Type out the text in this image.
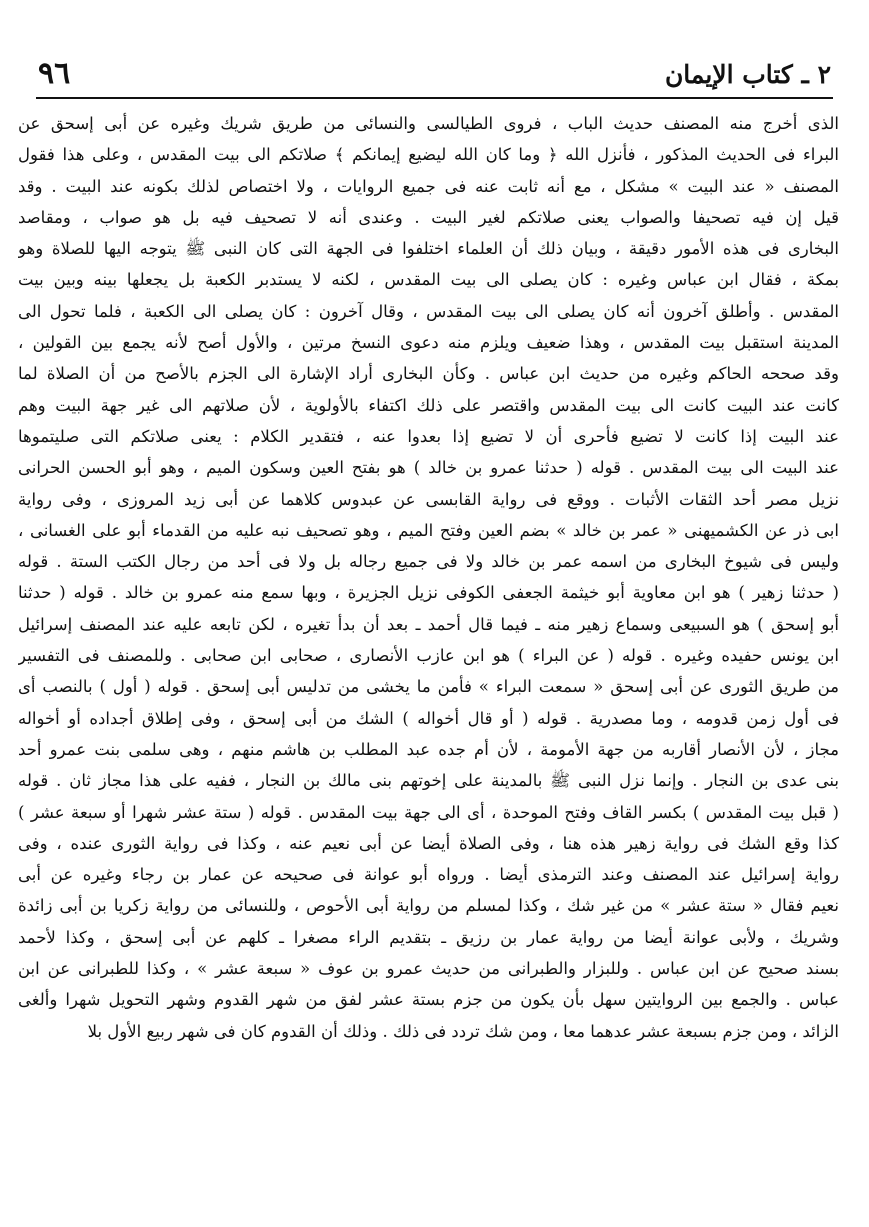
٢ ـ كتاب الإيمان
٩٦
الذى أخرج منه المصنف حديث الباب ، فروى الطيالسى والنسائى من طريق شريك وغيره عن أبى إسحق عن
البراء فى الحديث المذكور ، فأنزل الله ﴿ وما كان الله ليضيع إيمانكم ﴾ صلاتكم الى بيت المقدس ، وعلى هذا فقول
المصنف « عند البيت » مشكل ، مع أنه ثابت عنه فى جميع الروايات ، ولا اختصاص لذلك بكونه عند البيت . وقد
قيل إن فيه تصحيفا والصواب يعنى صلاتكم لغير البيت . وعندى أنه لا تصحيف فيه بل هو صواب ، ومقاصد
البخارى فى هذه الأمور دقيقة ، وبيان ذلك أن العلماء اختلفوا فى الجهة التى كان النبى ﷺ يتوجه اليها للصلاة وهو
بمكة ، فقال ابن عباس وغيره : كان يصلى الى بيت المقدس ، لكنه لا يستدبر الكعبة بل يجعلها بينه وبين بيت
المقدس . وأطلق آخرون أنه كان يصلى الى بيت المقدس ، وقال آخرون : كان يصلى الى الكعبة ، فلما تحول الى
المدينة استقبل بيت المقدس ، وهذا ضعيف ويلزم منه دعوى النسخ مرتين ، والأول أصح لأنه يجمع بين القولين ،
وقد صححه الحاكم وغيره من حديث ابن عباس . وكأن البخارى أراد الإشارة الى الجزم بالأصح من أن الصلاة لما
كانت عند البيت كانت الى بيت المقدس واقتصر على ذلك اكتفاء بالأولوية ، لأن صلاتهم الى غير جهة البيت وهم
عند البيت إذا كانت لا تضيع فأحرى أن لا تضيع إذا بعدوا عنه ، فتقدير الكلام : يعنى صلاتكم التى صليتموها
عند البيت الى بيت المقدس . قوله ( حدثنا عمرو بن خالد ) هو بفتح العين وسكون الميم ، وهو أبو الحسن الحرانى
نزيل مصر أحد الثقات الأثبات . ووقع فى رواية القابسى عن عبدوس كلاهما عن أبى زيد المروزى ، وفى رواية
ابى ذر عن الكشميهنى « عمر بن خالد » بضم العين وفتح الميم ، وهو تصحيف نبه عليه من القدماء أبو على الغسانى ،
وليس فى شيوخ البخارى من اسمه عمر بن خالد ولا فى جميع رجاله بل ولا فى أحد من رجال الكتب الستة . قوله
( حدثنا زهير ) هو ابن معاوية أبو خيثمة الجعفى الكوفى نزيل الجزيرة ، وبها سمع منه عمرو بن خالد . قوله ( حدثنا
أبو إسحق ) هو السبيعى وسماع زهير منه ـ فيما قال أحمد ـ بعد أن بدأ تغيره ، لكن تابعه عليه عند المصنف إسرائيل
ابن يونس حفيده وغيره . قوله ( عن البراء ) هو ابن عازب الأنصارى ، صحابى ابن صحابى . وللمصنف فى التفسير
من طريق الثورى عن أبى إسحق « سمعت البراء » فأمن ما يخشى من تدليس أبى إسحق . قوله ( أول ) بالنصب أى
فى أول زمن قدومه ، وما مصدرية . قوله ( أو قال أخواله ) الشك من أبى إسحق ، وفى إطلاق أجداده أو أخواله
مجاز ، لأن الأنصار أقاربه من جهة الأمومة ، لأن أم جده عبد المطلب بن هاشم منهم ، وهى سلمى بنت عمرو أحد
بنى عدى بن النجار . وإنما نزل النبى ﷺ بالمدينة على إخوتهم بنى مالك بن النجار ، ففيه على هذا مجاز ثان . قوله
( قبل بيت المقدس ) بكسر القاف وفتح الموحدة ، أى الى جهة بيت المقدس . قوله ( ستة عشر شهرا أو سبعة عشر )
كذا وقع الشك فى رواية زهير هذه هنا ، وفى الصلاة أيضا عن أبى نعيم عنه ، وكذا فى رواية الثورى عنده ، وفى
رواية إسرائيل عند المصنف وعند الترمذى أيضا . ورواه أبو عوانة فى صحيحه عن عمار بن رجاء وغيره عن أبى
نعيم فقال « ستة عشر » من غير شك ، وكذا لمسلم من رواية أبى الأحوص ، وللنسائى من رواية زكريا بن أبى زائدة
وشريك ، ولأبى عوانة أيضا من رواية عمار بن رزيق ـ بتقديم الراء مصغرا ـ كلهم عن أبى إسحق ، وكذا لأحمد
بسند صحيح عن ابن عباس . وللبزار والطبرانى من حديث عمرو بن عوف « سبعة عشر » ، وكذا للطبرانى عن ابن
عباس . والجمع بين الروايتين سهل بأن يكون من جزم بستة عشر لفق من شهر القدوم وشهر التحويل شهرا وألغى
الزائد ، ومن جزم بسبعة عشر عدهما معا ، ومن شك تردد فى ذلك . وذلك أن القدوم كان فى شهر ربيع الأول بلا
